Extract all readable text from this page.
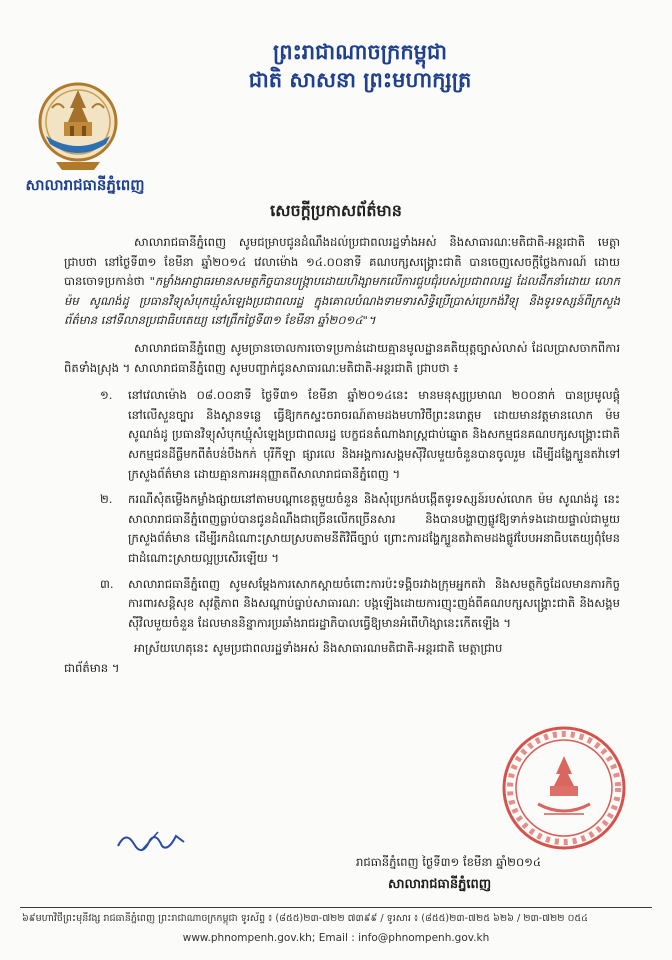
ព្រះរាជាណាចក្រកម្ពុជា
ជាតិ សាសនា ព្រះមហាក្សត្រ
សាលារាជធានីភ្នំពេញ
សេចក្តីប្រកាសព័ត៌មាន

សាលារាជធានីភ្នំពេញ សូមជម្រាបជូនដំណឹងដល់ប្រជាពលរដ្ឋទាំងអស់ និងសាធារណៈមតិជាតិ-អន្តរជាតិ មេត្តាជ្រាបថា នៅថ្ងៃទី៣១ ខែមីនា ឆ្នាំ២០១៤ វេលាម៉ោង ១៤.០០នាទី គណបក្សសង្គ្រោះជាតិ បានចេញសេចក្តីថ្លែងការណ៍ ដោយបានចោទប្រកាន់ថា "កម្លាំងអាជ្ញាធរមានសមត្ថកិច្ចបានបង្ក្រាបដោយហិង្សាមកលើការជួបជុំរបស់ប្រជាពលរដ្ឋ ដែលដឹកនាំដោយ លោក ម៉ម សូណង់ដូ ប្រធានវិទ្យុសំបុកឃ្មុំសំឡេងប្រជាពលរដ្ឋ ក្នុងគោលបំណងទាមទារសិទ្ធិប្រើប្រាស់ប្រេកង់វិទ្យុ និងទូរទស្សន៍ពីក្រសួងព័ត៌មាន នៅទីលានប្រជាធិបតេយ្យ នៅព្រឹកថ្ងៃទី៣១ ខែមីនា ឆ្នាំ២០១៤"។

សាលារាជធានីភ្នំពេញ សូមច្រានចោលការចោទប្រកាន់ដោយគ្មានមូលដ្ឋានគតិយុត្តច្បាស់លាស់ ដែលប្រាសចាកពីការពិតទាំងស្រុង ។ សាលារាជធានីភ្នំពេញ សូមបញ្ជាក់ជូនសាធារណៈមតិជាតិ-អន្តរជាតិ ជ្រាបថា ៖

១. នៅវេលាម៉ោង ០៨.០០នាទី ថ្ងៃទី៣១ ខែមីនា ឆ្នាំ២០១៤នេះ មានមនុស្សប្រមាណ ២០០នាក់ បានប្រមូលផ្តុំនៅលើសួនច្បារ និងស្ពានទន្លេ ធ្វើឱ្យកកស្ទះចរាចរណ៍តាមដងមហាវិថីព្រះនរោត្តម ដោយមានវត្តមានលោក ម៉ម សូណង់ដូ ប្រធានវិទ្យុសំបុកឃ្មុំសំឡេងប្រជាពលរដ្ឋ បេក្ខជនតំណាងរាស្ត្រជាប់ឆ្នោត និងសកម្មជនគណបក្សសង្គ្រោះជាតិ សកម្មជនដីធ្លីមកពីតំបន់បឹងកក់ បុរីកីឡា ផ្សារលេ និងអង្គការសង្គមស៊ីវិលមួយចំនួនបានចូលរួម ដើម្បីដង្ហែក្បួនតវ៉ាទៅក្រសួងព័ត៌មាន ដោយគ្មានការអនុញ្ញាតពីសាលារាជធានីភ្នំពេញ ។
២. ករណីសុំតម្លើងកម្លាំងផ្សាយនៅតាមបណ្តាខេត្តមួយចំនួន និងសុំប្រេកង់បង្កើតទូរទស្សន៍របស់លោក ម៉ម សូណង់ដូ នេះ សាលារាជធានីភ្នំពេញធ្លាប់បានជូនដំណឹងជាច្រើនលើកច្រើនសារ និងបានបង្ហាញផ្លូវឱ្យទាក់ទងដោយផ្ទាល់ជាមួយក្រសួងព័ត៌មាន ដើម្បីរកដំណោះស្រាយស្របតាមនីតិវិធីច្បាប់ ព្រោះការដង្ហែក្បួនតវ៉ាតាមដងផ្លូវបែបអនាធិបតេយ្យពុំមែនជាដំណោះស្រាយល្អប្រសើរឡើយ ។
៣. សាលារាជធានីភ្នំពេញ សូមសម្តែងការសោកស្តាយចំពោះការប៉ះទង្គិចរវាងក្រុមអ្នកតវ៉ា និងសមត្ថកិច្ចដែលមានភារកិច្ចការពារសន្តិសុខ សុវត្ថិភាព និងសណ្តាប់ធ្នាប់សាធារណៈ បង្កឡើងដោយការញុះញង់ពីគណបក្សសង្គ្រោះជាតិ និងសង្គមស៊ីវិលមួយចំនួន ដែលមាននិន្នាការប្រឆាំងរាជរដ្ឋាភិបាលធ្វើឱ្យមានអំពើហិង្សានេះកើតឡើង ។

អាស្រ័យហេតុនេះ សូមប្រជាពលរដ្ឋទាំងអស់ និងសាធារណមតិជាតិ-អន្តរជាតិ មេត្តាជ្រាប
ជាព័ត៌មាន ។

រាជធានីភ្នំពេញ ថ្ងៃទី៣១ ខែមីនា ឆ្នាំ២០១៤
សាលារាជធានីភ្នំពេញ
៦៩មហាវិថីព្រះមុនីវង្ស រាជធានីភ្នំពេញ ព្រះរាជាណាចក្រកម្ពុជា ទូរស័ព្ទ ៖ (៨៥៥)២៣-៧២២ ៧៣៩៩ / ទូរសារ ៖ (៨៥៥)២៣-៧២៥ ៦២៦ / ២៣-៧២២ ០៥៤
www.phnompenh.gov.kh; Email : info@phnompenh.gov.kh
